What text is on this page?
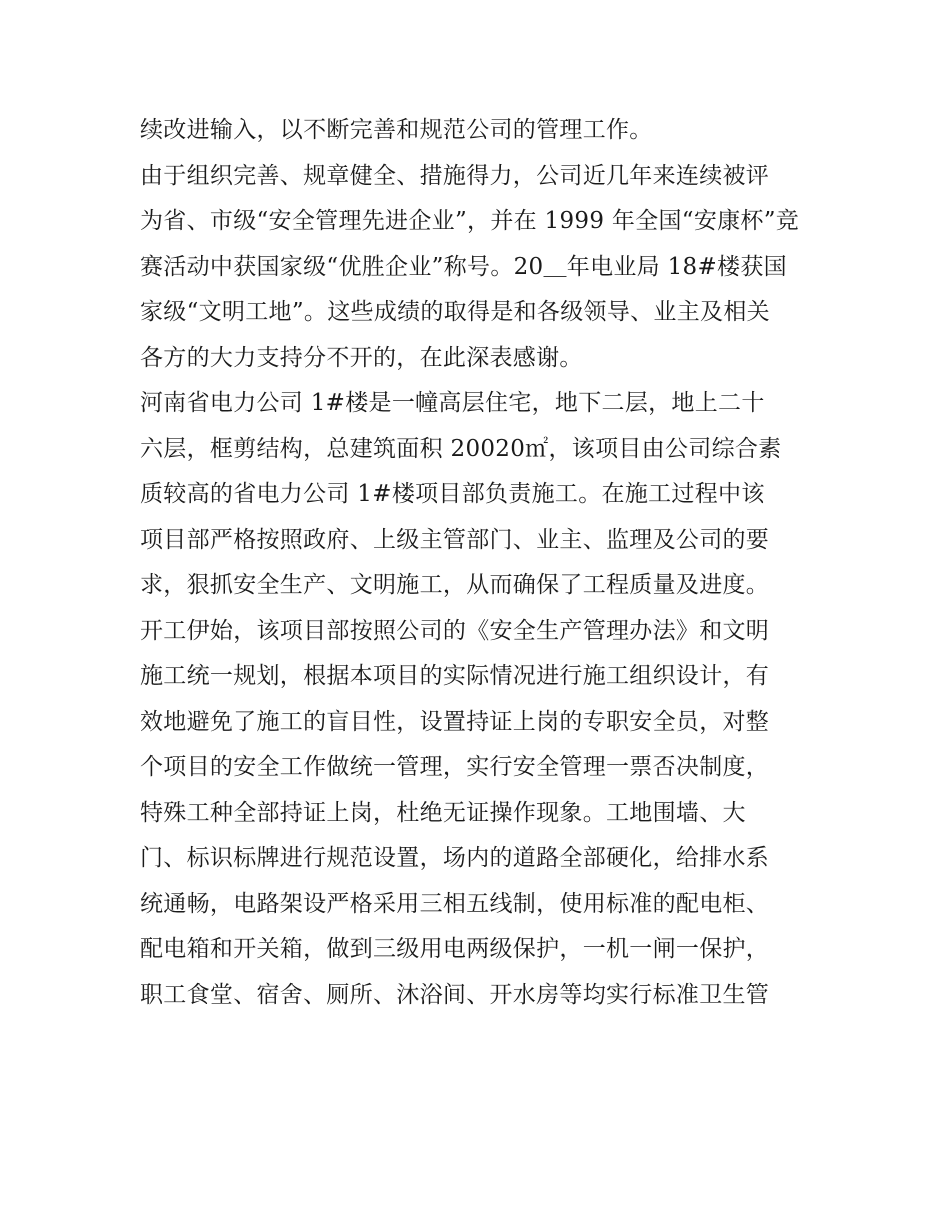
续改进输入，以不断完善和规范公司的管理工作。
由于组织完善、规章健全、措施得力，公司近几年来连续被评
为省、市级“安全管理先进企业”，并在 1999 年全国“安康杯”竞
赛活动中获国家级“优胜企业”称号。20＿年电业局 18#楼获国
家级“文明工地”。这些成绩的取得是和各级领导、业主及相关
各方的大力支持分不开的，在此深表感谢。
河南省电力公司 1#楼是一幢高层住宅，地下二层，地上二十
六层，框剪结构，总建筑面积 20020㎡，该项目由公司综合素
质较高的省电力公司 1#楼项目部负责施工。在施工过程中该
项目部严格按照政府、上级主管部门、业主、监理及公司的要
求，狠抓安全生产、文明施工，从而确保了工程质量及进度。
开工伊始，该项目部按照公司的《安全生产管理办法》和文明
施工统一规划，根据本项目的实际情况进行施工组织设计，有
效地避免了施工的盲目性，设置持证上岗的专职安全员，对整
个项目的安全工作做统一管理，实行安全管理一票否决制度，
特殊工种全部持证上岗，杜绝无证操作现象。工地围墙、大
门、标识标牌进行规范设置，场内的道路全部硬化，给排水系
统通畅，电路架设严格采用三相五线制，使用标准的配电柜、
配电箱和开关箱，做到三级用电两级保护，一机一闸一保护，
职工食堂、宿舍、厕所、沐浴间、开水房等均实行标准卫生管
